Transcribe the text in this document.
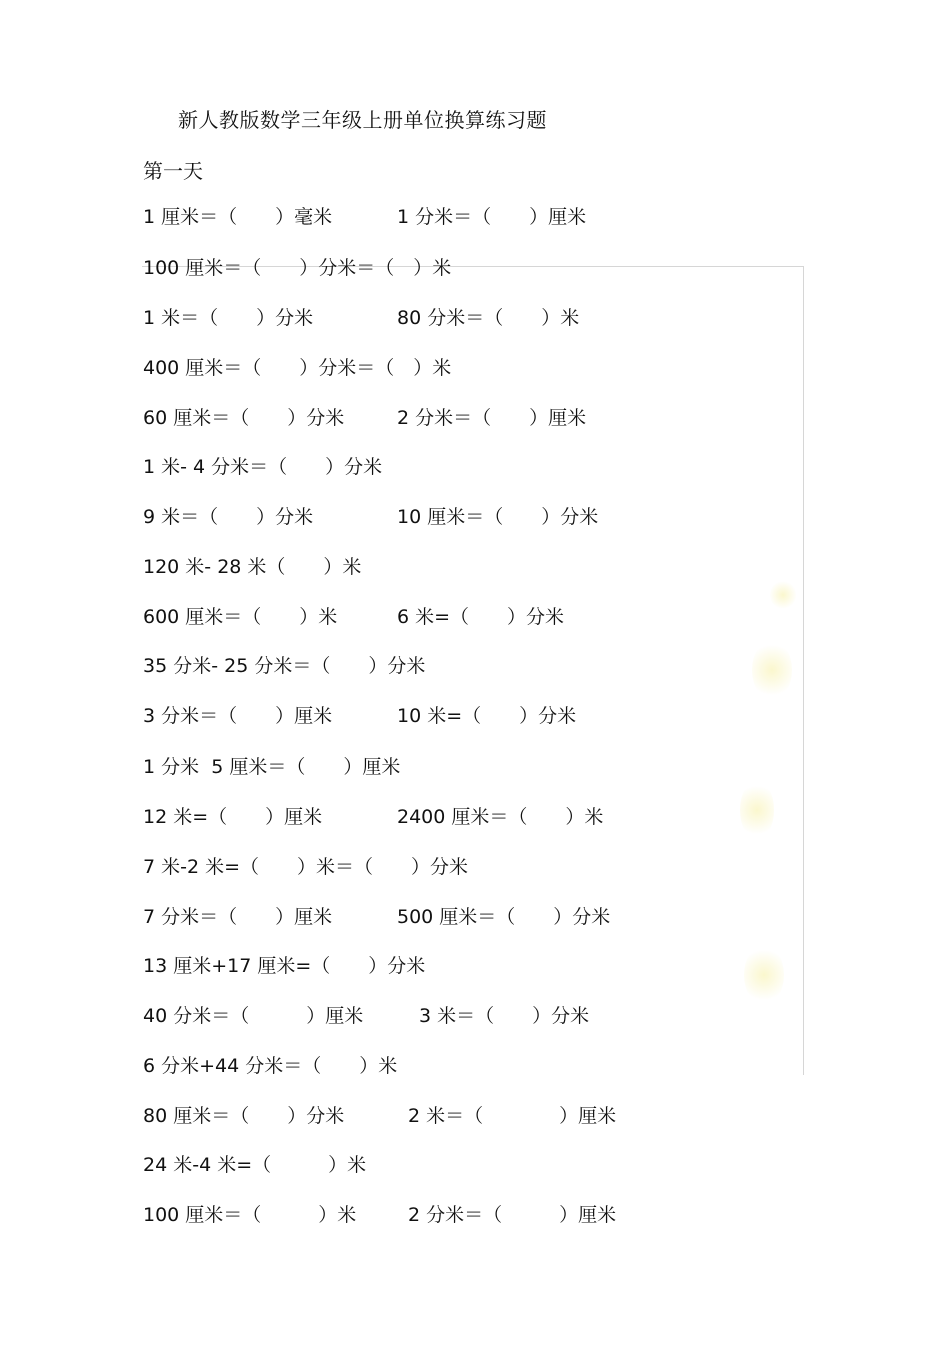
新人教版数学三年级上册单位换算练习题
第一天
1 厘米＝（　　）毫米	1 分米＝（　　）厘米
100 厘米＝（　　）分米＝（　）米
1 米＝（　　）分米	80 分米＝（　　）米
400 厘米＝（　　）分米＝（　）米
60 厘米＝（　　）分米	2 分米＝（　　）厘米
1 米- 4 分米＝（　　）分米
9 米＝（　　）分米	10 厘米＝（　　）分米
120 米- 28 米（　　）米
600 厘米＝（　　）米	6 米=（　　）分米
35 分米- 25 分米＝（　　）分米
3 分米＝（　　）厘米	10 米=（　　）分米
1 分米  5 厘米＝（　　）厘米
12 米=（　　）厘米	2400 厘米＝（　　）米
7 米-2 米=（　　）米＝（　　）分米
7 分米＝（　　）厘米	500 厘米＝（　　）分米
13 厘米+17 厘米=（　　）分米
40 分米＝（　　　）厘米	3 米＝（　　）分米
6 分米+44 分米＝（　　）米
80 厘米＝（　　）分米	2 米＝（　　　　）厘米
24 米-4 米=（　　　）米
100 厘米＝（　　　）米	2 分米＝（　　　）厘米
